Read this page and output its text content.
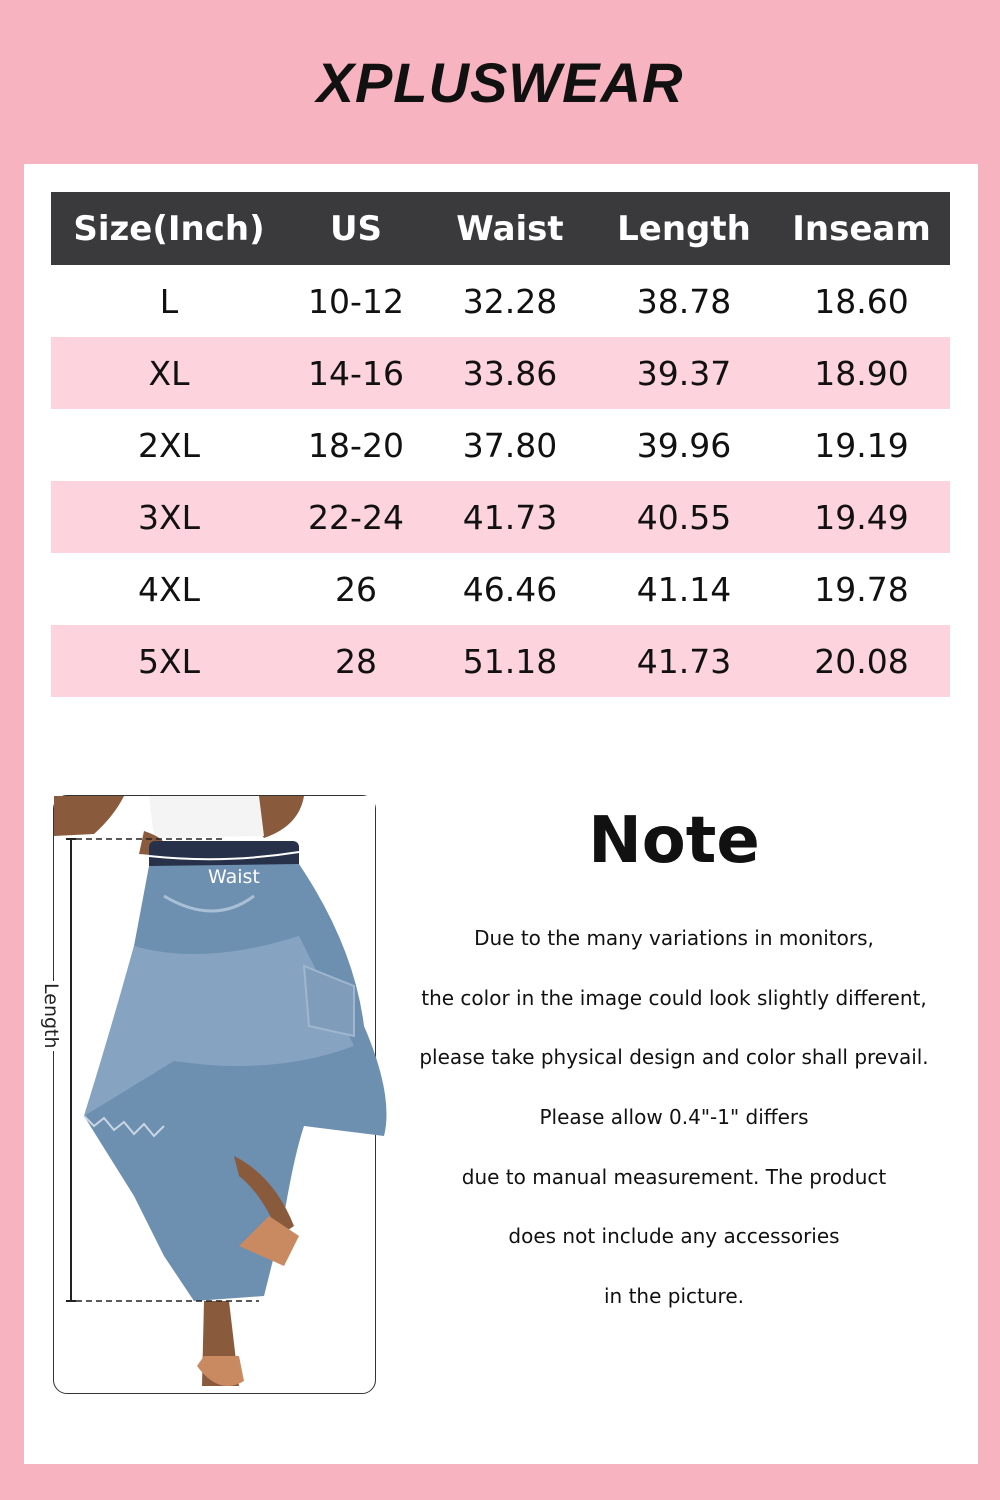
XPLUSWEAR
Size(Inch)	US	Waist	Length	Inseam
L	10-12	32.28	38.78	18.60
XL	14-16	33.86	39.37	18.90
2XL	18-20	37.80	39.96	19.19
3XL	22-24	41.73	40.55	19.49
4XL	26	46.46	41.14	19.78
5XL	28	51.18	41.73	20.08
Waist
Length
Note
Due to the many variations in monitors,
the color in the image could look slightly different,
please take physical design and color shall prevail.
Please allow 0.4"-1" differs
due to manual measurement. The product
does not include any accessories
in the picture.
